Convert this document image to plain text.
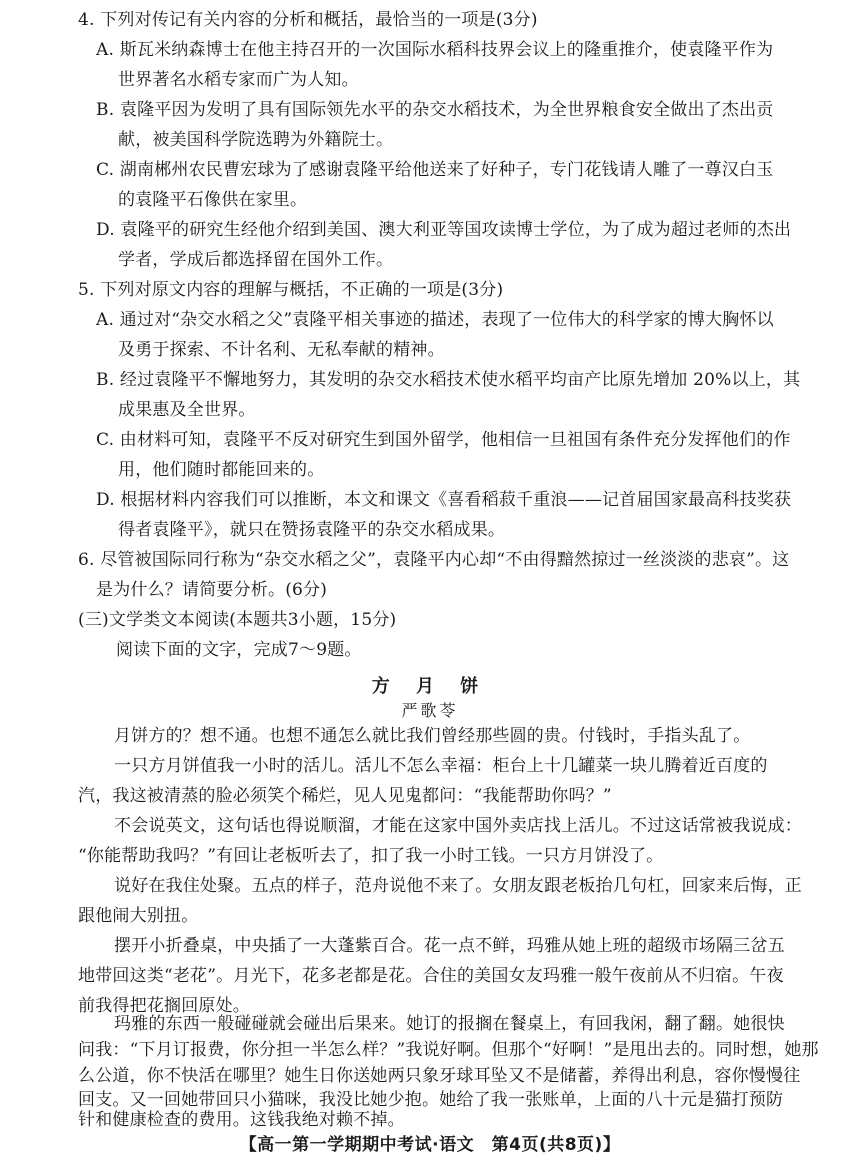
4. 下列对传记有关内容的分析和概括，最恰当的一项是(3分)
A. 斯瓦米纳森博士在他主持召开的一次国际水稻科技界会议上的隆重推介，使袁隆平作为
世界著名水稻专家而广为人知。
B. 袁隆平因为发明了具有国际领先水平的杂交水稻技术，为全世界粮食安全做出了杰出贡
献，被美国科学院选聘为外籍院士。
C. 湖南郴州农民曹宏球为了感谢袁隆平给他送来了好种子，专门花钱请人雕了一尊汉白玉
的袁隆平石像供在家里。
D. 袁隆平的研究生经他介绍到美国、澳大利亚等国攻读博士学位，为了成为超过老师的杰出
学者，学成后都选择留在国外工作。
5. 下列对原文内容的理解与概括，不正确的一项是(3分)
A. 通过对“杂交水稻之父”袁隆平相关事迹的描述，表现了一位伟大的科学家的博大胸怀以
及勇于探索、不计名利、无私奉献的精神。
B. 经过袁隆平不懈地努力，其发明的杂交水稻技术使水稻平均亩产比原先增加 20%以上，其
成果惠及全世界。
C. 由材料可知，袁隆平不反对研究生到国外留学，他相信一旦祖国有条件充分发挥他们的作
用，他们随时都能回来的。
D. 根据材料内容我们可以推断，本文和课文《喜看稻菽千重浪——记首届国家最高科技奖获
得者袁隆平》，就只在赞扬袁隆平的杂交水稻成果。
6. 尽管被国际同行称为“杂交水稻之父”，袁隆平内心却“不由得黯然掠过一丝淡淡的悲哀”。这
是为什么？请简要分析。(6分)
(三)文学类文本阅读(本题共3小题，15分)
阅读下面的文字，完成7～9题。
方 月 饼
严歌苓
月饼方的？想不通。也想不通怎么就比我们曾经那些圆的贵。付钱时，手指头乱了。
一只方月饼值我一小时的活儿。活儿不怎么幸福：柜台上十几罐菜一块儿腾着近百度的
汽，我这被清蒸的脸必须笑个稀烂，见人见鬼都问：“我能帮助你吗？”
不会说英文，这句话也得说顺溜，才能在这家中国外卖店找上活儿。不过这话常被我说成：
“你能帮助我吗？”有回让老板听去了，扣了我一小时工钱。一只方月饼没了。
说好在我住处聚。五点的样子，范舟说他不来了。女朋友跟老板抬几句杠，回家来后悔，正
跟他闹大别扭。
摆开小折叠桌，中央插了一大蓬紫百合。花一点不鲜，玛雅从她上班的超级市场隔三岔五
地带回这类“老花”。月光下，花多老都是花。合住的美国女友玛雅一般午夜前从不归宿。午夜
前我得把花搁回原处。
玛雅的东西一般碰碰就会碰出后果来。她订的报搁在餐桌上，有回我闲，翻了翻。她很快
问我：“下月订报费，你分担一半怎么样？”我说好啊。但那个“好啊！”是甩出去的。同时想，她那
么公道，你不快活在哪里？她生日你送她两只象牙球耳坠又不是储蓄，养得出利息，容你慢慢往
回支。又一回她带回只小猫咪，我没比她少抱。她给了我一张账单，上面的八十元是猫打预防
针和健康检查的费用。这钱我绝对赖不掉。
【高一第一学期期中考试·语文　第4页(共8页)】
